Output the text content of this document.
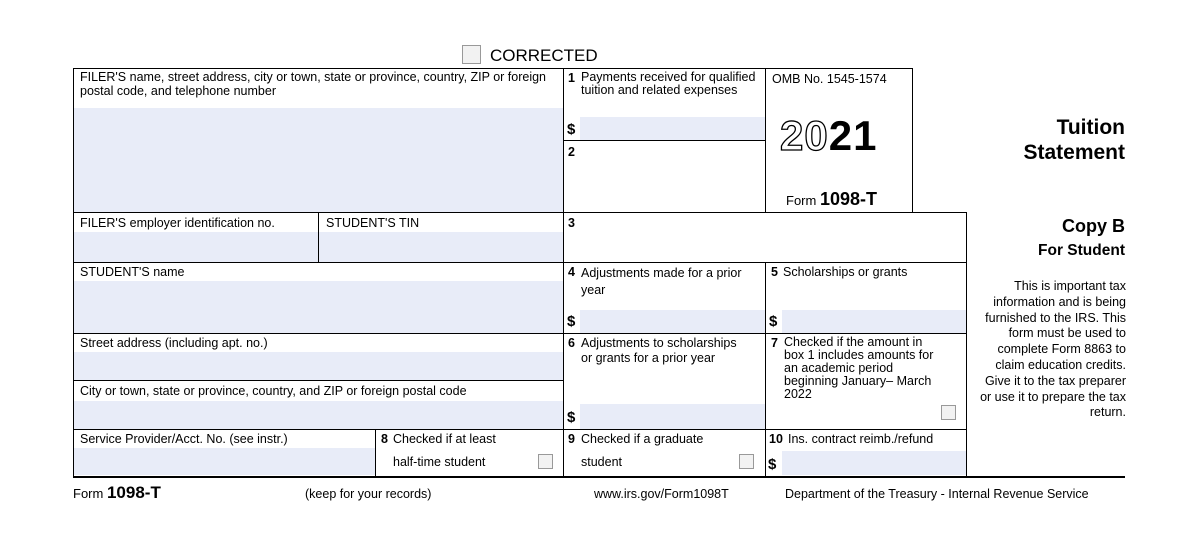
CORRECTED
FILER'S name, street address, city or town, state or province, country, ZIP or foreign postal code, and telephone number
1 Payments received for qualified tuition and related expenses
$
2
OMB No. 1545-1574
2021
Form 1098-T
Tuition
Statement
FILER'S employer identification no.	STUDENT'S TIN	3	Copy B
For Student
This is important tax information and is being furnished to the IRS. This form must be used to complete Form 8863 to claim education credits. Give it to the tax preparer or use it to prepare the tax return.
STUDENT'S name	4 Adjustments made for a prior year
$
5 Scholarships or grants
$
Street address (including apt. no.)	6 Adjustments to scholarships or grants for a prior year
$
7 Checked if the amount in box 1 includes amounts for an academic period beginning January– March 2022
City or town, state or province, country, and ZIP or foreign postal code
Service Provider/Acct. No. (see instr.)	8 Checked if at least
half-time student
9 Checked if a graduate
student
10 Ins. contract reimb./refund
$
Form 1098-T	(keep for your records)	www.irs.gov/Form1098T	Department of the Treasury - Internal Revenue Service
